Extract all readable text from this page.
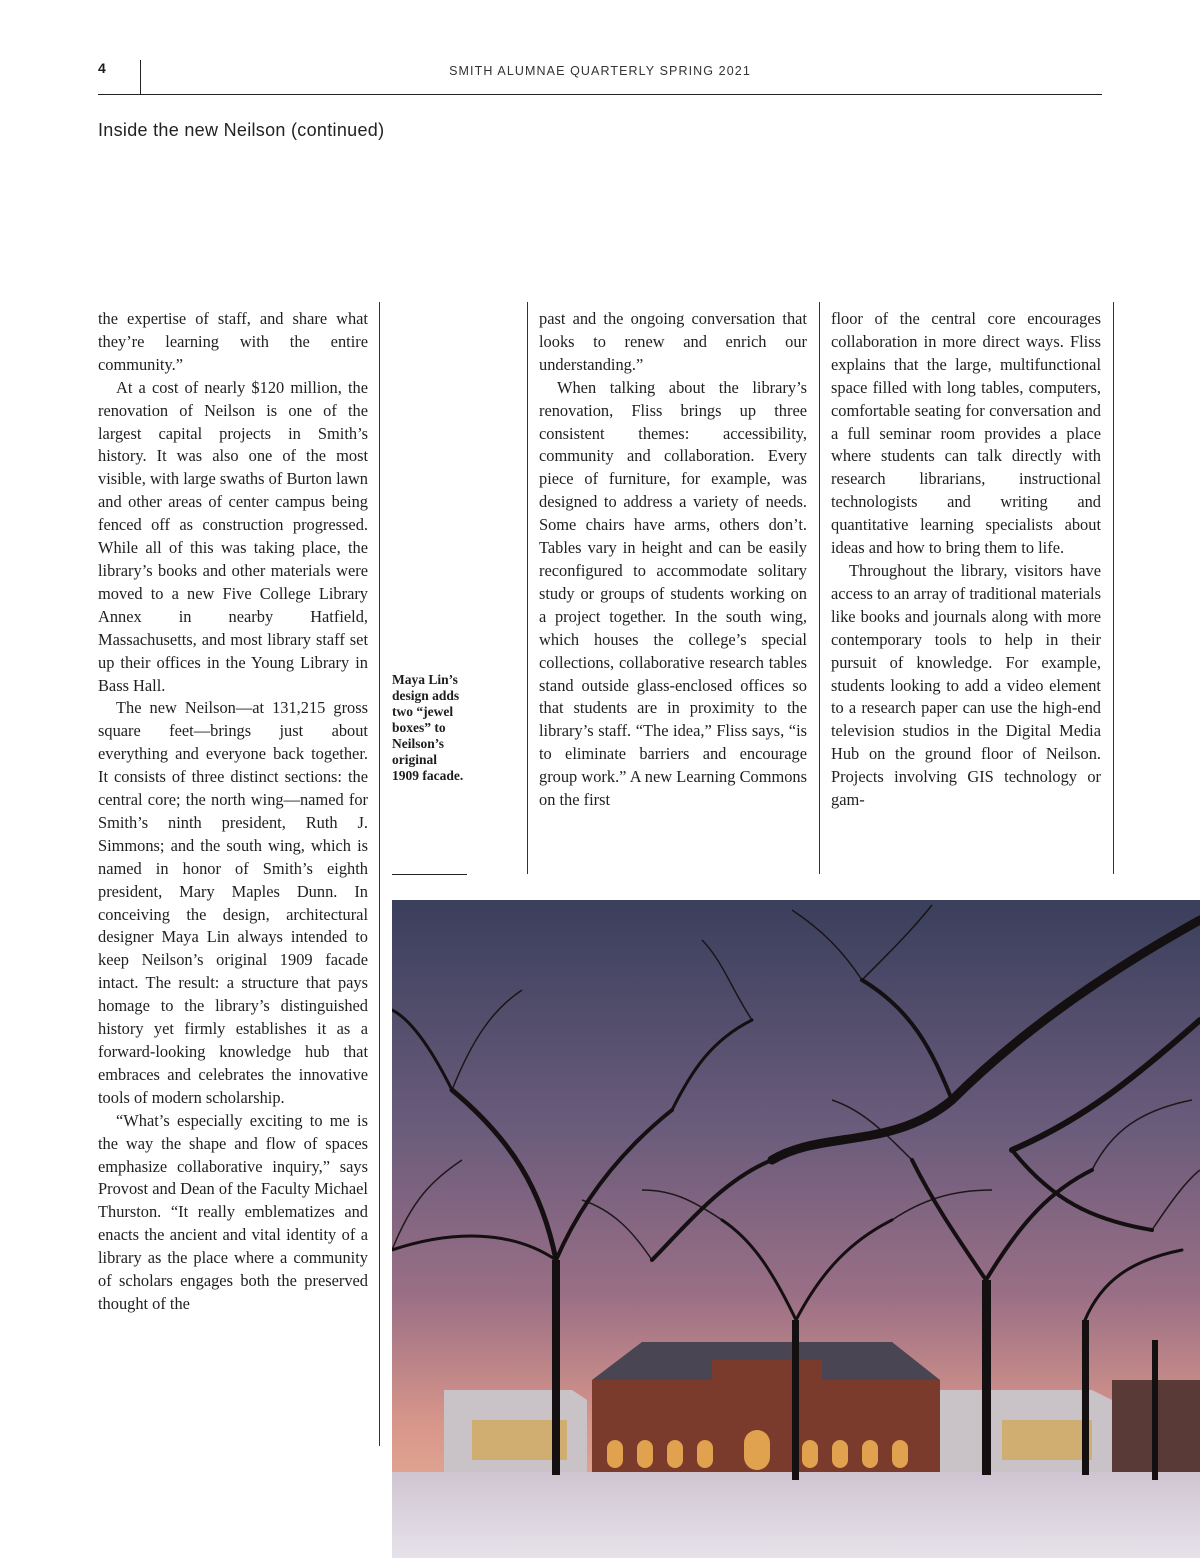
4	SMITH ALUMNAE QUARTERLY SPRING 2021
Inside the new Neilson (continued)

the expertise of staff, and share what they’re learning with the entire community.”

At a cost of nearly $120 million, the renovation of Neilson is one of the largest capital projects in Smith’s history. It was also one of the most visible, with large swaths of Burton lawn and other areas of center campus being fenced off as construction progressed. While all of this was taking place, the library’s books and other materials were moved to a new Five College Library Annex in nearby Hatfield, Massachusetts, and most library staff set up their offices in the Young Library in Bass Hall.

The new Neilson—at 131,215 gross square feet—brings just about everything and everyone back together. It consists of three distinct sections: the central core; the north wing—named for Smith’s ninth president, Ruth J. Simmons; and the south wing, which is named in honor of Smith’s eighth president, Mary Maples Dunn. In conceiving the design, architectural designer Maya Lin always intended to keep Neilson’s original 1909 facade intact. The result: a structure that pays homage to the library’s distinguished history yet firmly establishes it as a forward-looking knowledge hub that embraces and celebrates the innovative tools of modern scholarship.

“What’s especially exciting to me is the way the shape and flow of spaces emphasize collaborative inquiry,” says Provost and Dean of the Faculty Michael Thurston. “It really emblematizes and enacts the ancient and vital identity of a library as the place where a community of scholars engages both the preserved thought of the

Maya Lin’s design adds two “jewel boxes” to Neilson’s original 1909 facade.

past and the ongoing conversation that looks to renew and enrich our understanding.”

When talking about the library’s renovation, Fliss brings up three consistent themes: accessibility, community and collaboration. Every piece of furniture, for example, was designed to address a variety of needs. Some chairs have arms, others don’t. Tables vary in height and can be easily reconfigured to accommodate solitary study or groups of students working on a project together. In the south wing, which houses the college’s special collections, collaborative research tables stand outside glass-enclosed offices so that students are in proximity to the library’s staff. “The idea,” Fliss says, “is to eliminate barriers and encourage group work.” A new Learning Commons on the first

floor of the central core encourages collaboration in more direct ways. Fliss explains that the large, multifunctional space filled with long tables, computers, comfortable seating for conversation and a full seminar room provides a place where students can talk directly with research librarians, instructional technologists and writing and quantitative learning specialists about ideas and how to bring them to life.

Throughout the library, visitors have access to an array of traditional materials like books and journals along with more contemporary tools to help in their pursuit of knowledge. For example, students looking to add a video element to a research paper can use the high-end television studios in the Digital Media Hub on the ground floor of Neilson. Projects involving GIS technology or gam-
